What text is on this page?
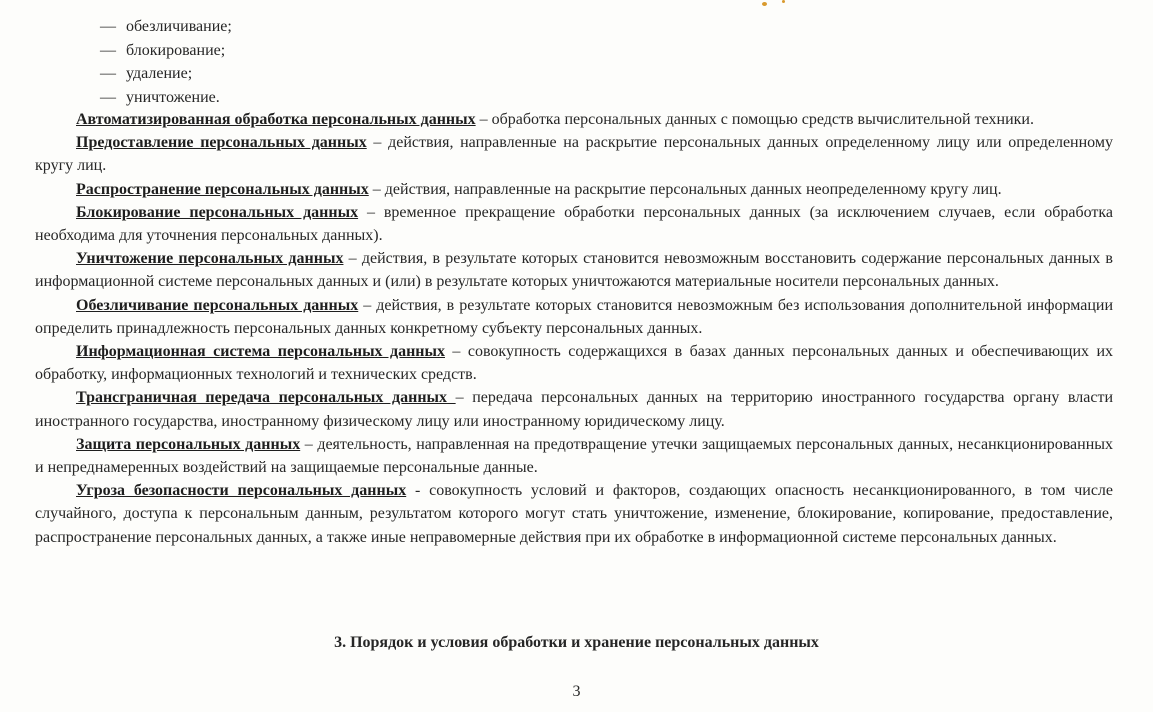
— обезличивание;
— блокирование;
— удаление;
— уничтожение.

Автоматизированная обработка персональных данных – обработка персональных данных с помощью средств вычислительной техники.

Предоставление персональных данных – действия, направленные на раскрытие персональных данных определенному лицу или определенному кругу лиц.

Распространение персональных данных – действия, направленные на раскрытие персональных данных неопределенному кругу лиц.

Блокирование персональных данных – временное прекращение обработки персональных данных (за исключением случаев, если обработка необходима для уточнения персональных данных).

Уничтожение персональных данных – действия, в результате которых становится невозможным восстановить содержание персональных данных в информационной системе персональных данных и (или) в результате которых уничтожаются материальные носители персональных данных.

Обезличивание персональных данных – действия, в результате которых становится невозможным без использования дополнительной информации определить принадлежность персональных данных конкретному субъекту персональных данных.

Информационная система персональных данных – совокупность содержащихся в базах данных персональных данных и обеспечивающих их обработку, информационных технологий и технических средств.

Трансграничная передача персональных данных – передача персональных данных на территорию иностранного государства органу власти иностранного государства, иностранному физическому лицу или иностранному юридическому лицу.

Защита персональных данных – деятельность, направленная на предотвращение утечки защищаемых персональных данных, несанкционированных и непреднамеренных воздействий на защищаемые персональные данные.

Угроза безопасности персональных данных - совокупность условий и факторов, создающих опасность несанкционированного, в том числе случайного, доступа к персональным данным, результатом которого могут стать уничтожение, изменение, блокирование, копирование, предоставление, распространение персональных данных, а также иные неправомерные действия при их обработке в информационной системе персональных данных.

3. Порядок и условия обработки и хранение персональных данных
3
